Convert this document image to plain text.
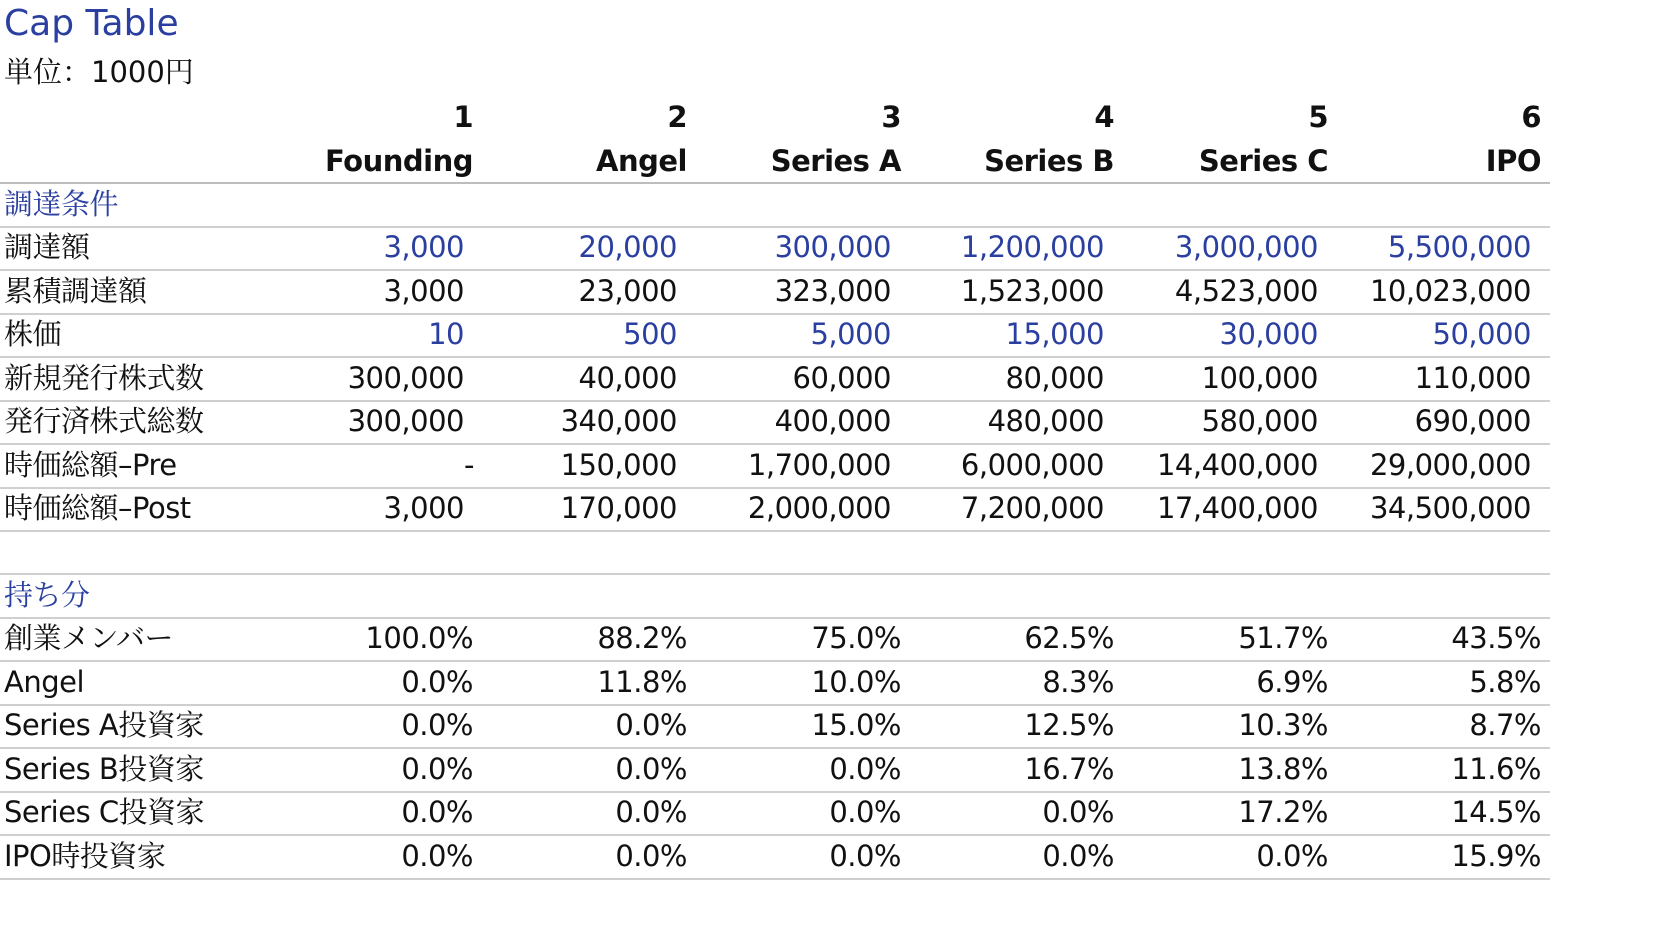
Cap Table
単位：1000円
1	2	3	4	5	6
Founding	Angel	Series A	Series B	Series C	IPO
調達条件
調達額	3,000	20,000	300,000	1,200,000	3,000,000	5,500,000
累積調達額	3,000	23,000	323,000	1,523,000	4,523,000	10,023,000
株価	10	500	5,000	15,000	30,000	50,000
新規発行株式数	300,000	40,000	60,000	80,000	100,000	110,000
発行済株式総数	300,000	340,000	400,000	480,000	580,000	690,000
時価総額–Pre	-	150,000	1,700,000	6,000,000	14,400,000	29,000,000
時価総額–Post	3,000	170,000	2,000,000	7,200,000	17,400,000	34,500,000
持ち分
創業メンバー	100.0%	88.2%	75.0%	62.5%	51.7%	43.5%
Angel	0.0%	11.8%	10.0%	8.3%	6.9%	5.8%
Series A投資家	0.0%	0.0%	15.0%	12.5%	10.3%	8.7%
Series B投資家	0.0%	0.0%	0.0%	16.7%	13.8%	11.6%
Series C投資家	0.0%	0.0%	0.0%	0.0%	17.2%	14.5%
IPO時投資家	0.0%	0.0%	0.0%	0.0%	0.0%	15.9%
